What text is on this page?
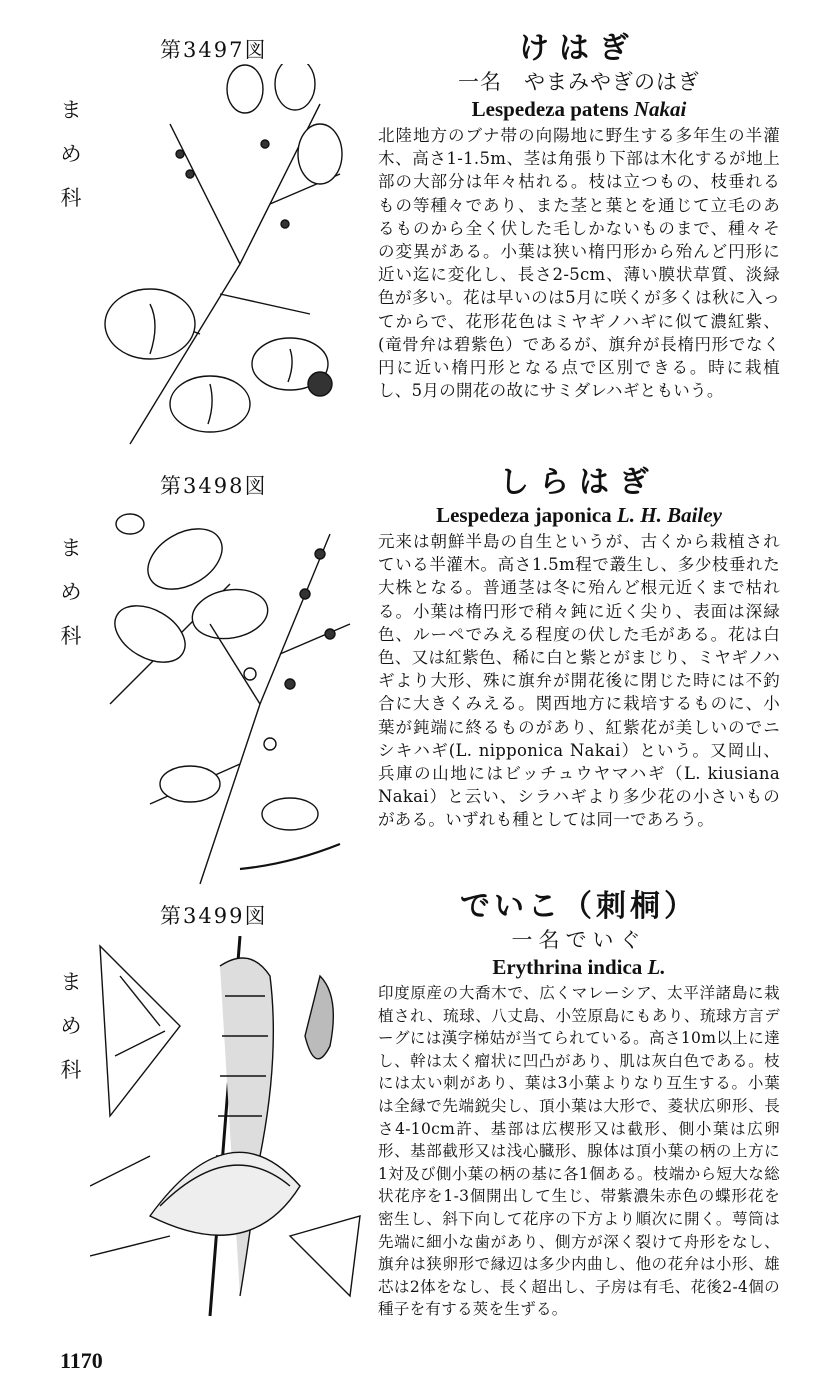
第3497図
ま
め
科
けはぎ
一名　やまみやぎのはぎ
Lespedeza patens Nakai
北陸地方のブナ帯の向陽地に野生する多年生の半灌木、高さ1-1.5m、茎は角張り下部は木化するが地上部の大部分は年々枯れる。枝は立つもの、枝垂れるもの等種々であり、また茎と葉とを通じて立毛のあるものから全く伏した毛しかないものまで、種々その変異がある。小葉は狭い楕円形から殆んど円形に近い迄に変化し、長さ2-5cm、薄い膜状草質、淡緑色が多い。花は早いのは5月に咲くが多くは秋に入ってからで、花形花色はミヤギノハギに似て濃紅紫、(竜骨弁は碧紫色）であるが、旗弁が長楕円形でなく円に近い楕円形となる点で区別できる。時に栽植し、5月の開花の故にサミダレハギともいう。
第3498図
ま
め
科
しらはぎ
Lespedeza japonica L. H. Bailey
元来は朝鮮半島の自生というが、古くから栽植されている半灌木。高さ1.5m程で叢生し、多少枝垂れた大株となる。普通茎は冬に殆んど根元近くまで枯れる。小葉は楕円形で稍々鈍に近く尖り、表面は深緑色、ルーペでみえる程度の伏した毛がある。花は白色、又は紅紫色、稀に白と紫とがまじり、ミヤギノハギより大形、殊に旗弁が開花後に閉じた時には不釣合に大きくみえる。関西地方に栽培するものに、小葉が鈍端に終るものがあり、紅紫花が美しいのでニシキハギ(L. nipponica Nakai）という。又岡山、兵庫の山地にはビッチュウヤマハギ（L. kiusiana Nakai）と云い、シラハギより多少花の小さいものがある。いずれも種としては同一であろう。
第3499図
ま
め
科
でいこ（刺桐）
一名でいぐ
Erythrina indica L.
印度原産の大喬木で、広くマレーシア、太平洋諸島に栽植され、琉球、八丈島、小笠原島にもあり、琉球方言デーグには漢字梯姑が当てられている。高さ10m以上に達し、幹は太く瘤状に凹凸があり、肌は灰白色である。枝には太い刺があり、葉は3小葉よりなり互生する。小葉は全縁で先端鋭尖し、頂小葉は大形で、菱状広卵形、長さ4-10cm許、基部は広楔形又は截形、側小葉は広卵形、基部截形又は浅心臓形、腺体は頂小葉の柄の上方に1対及び側小葉の柄の基に各1個ある。枝端から短大な総状花序を1-3個開出して生じ、帯紫濃朱赤色の蝶形花を密生し、斜下向して花序の下方より順次に開く。萼筒は先端に細小な歯があり、側方が深く裂けて舟形をなし、旗弁は狭卵形で縁辺は多少内曲し、他の花弁は小形、雄芯は2体をなし、長く超出し、子房は有毛、花後2-4個の種子を有する莢を生ずる。
1170
